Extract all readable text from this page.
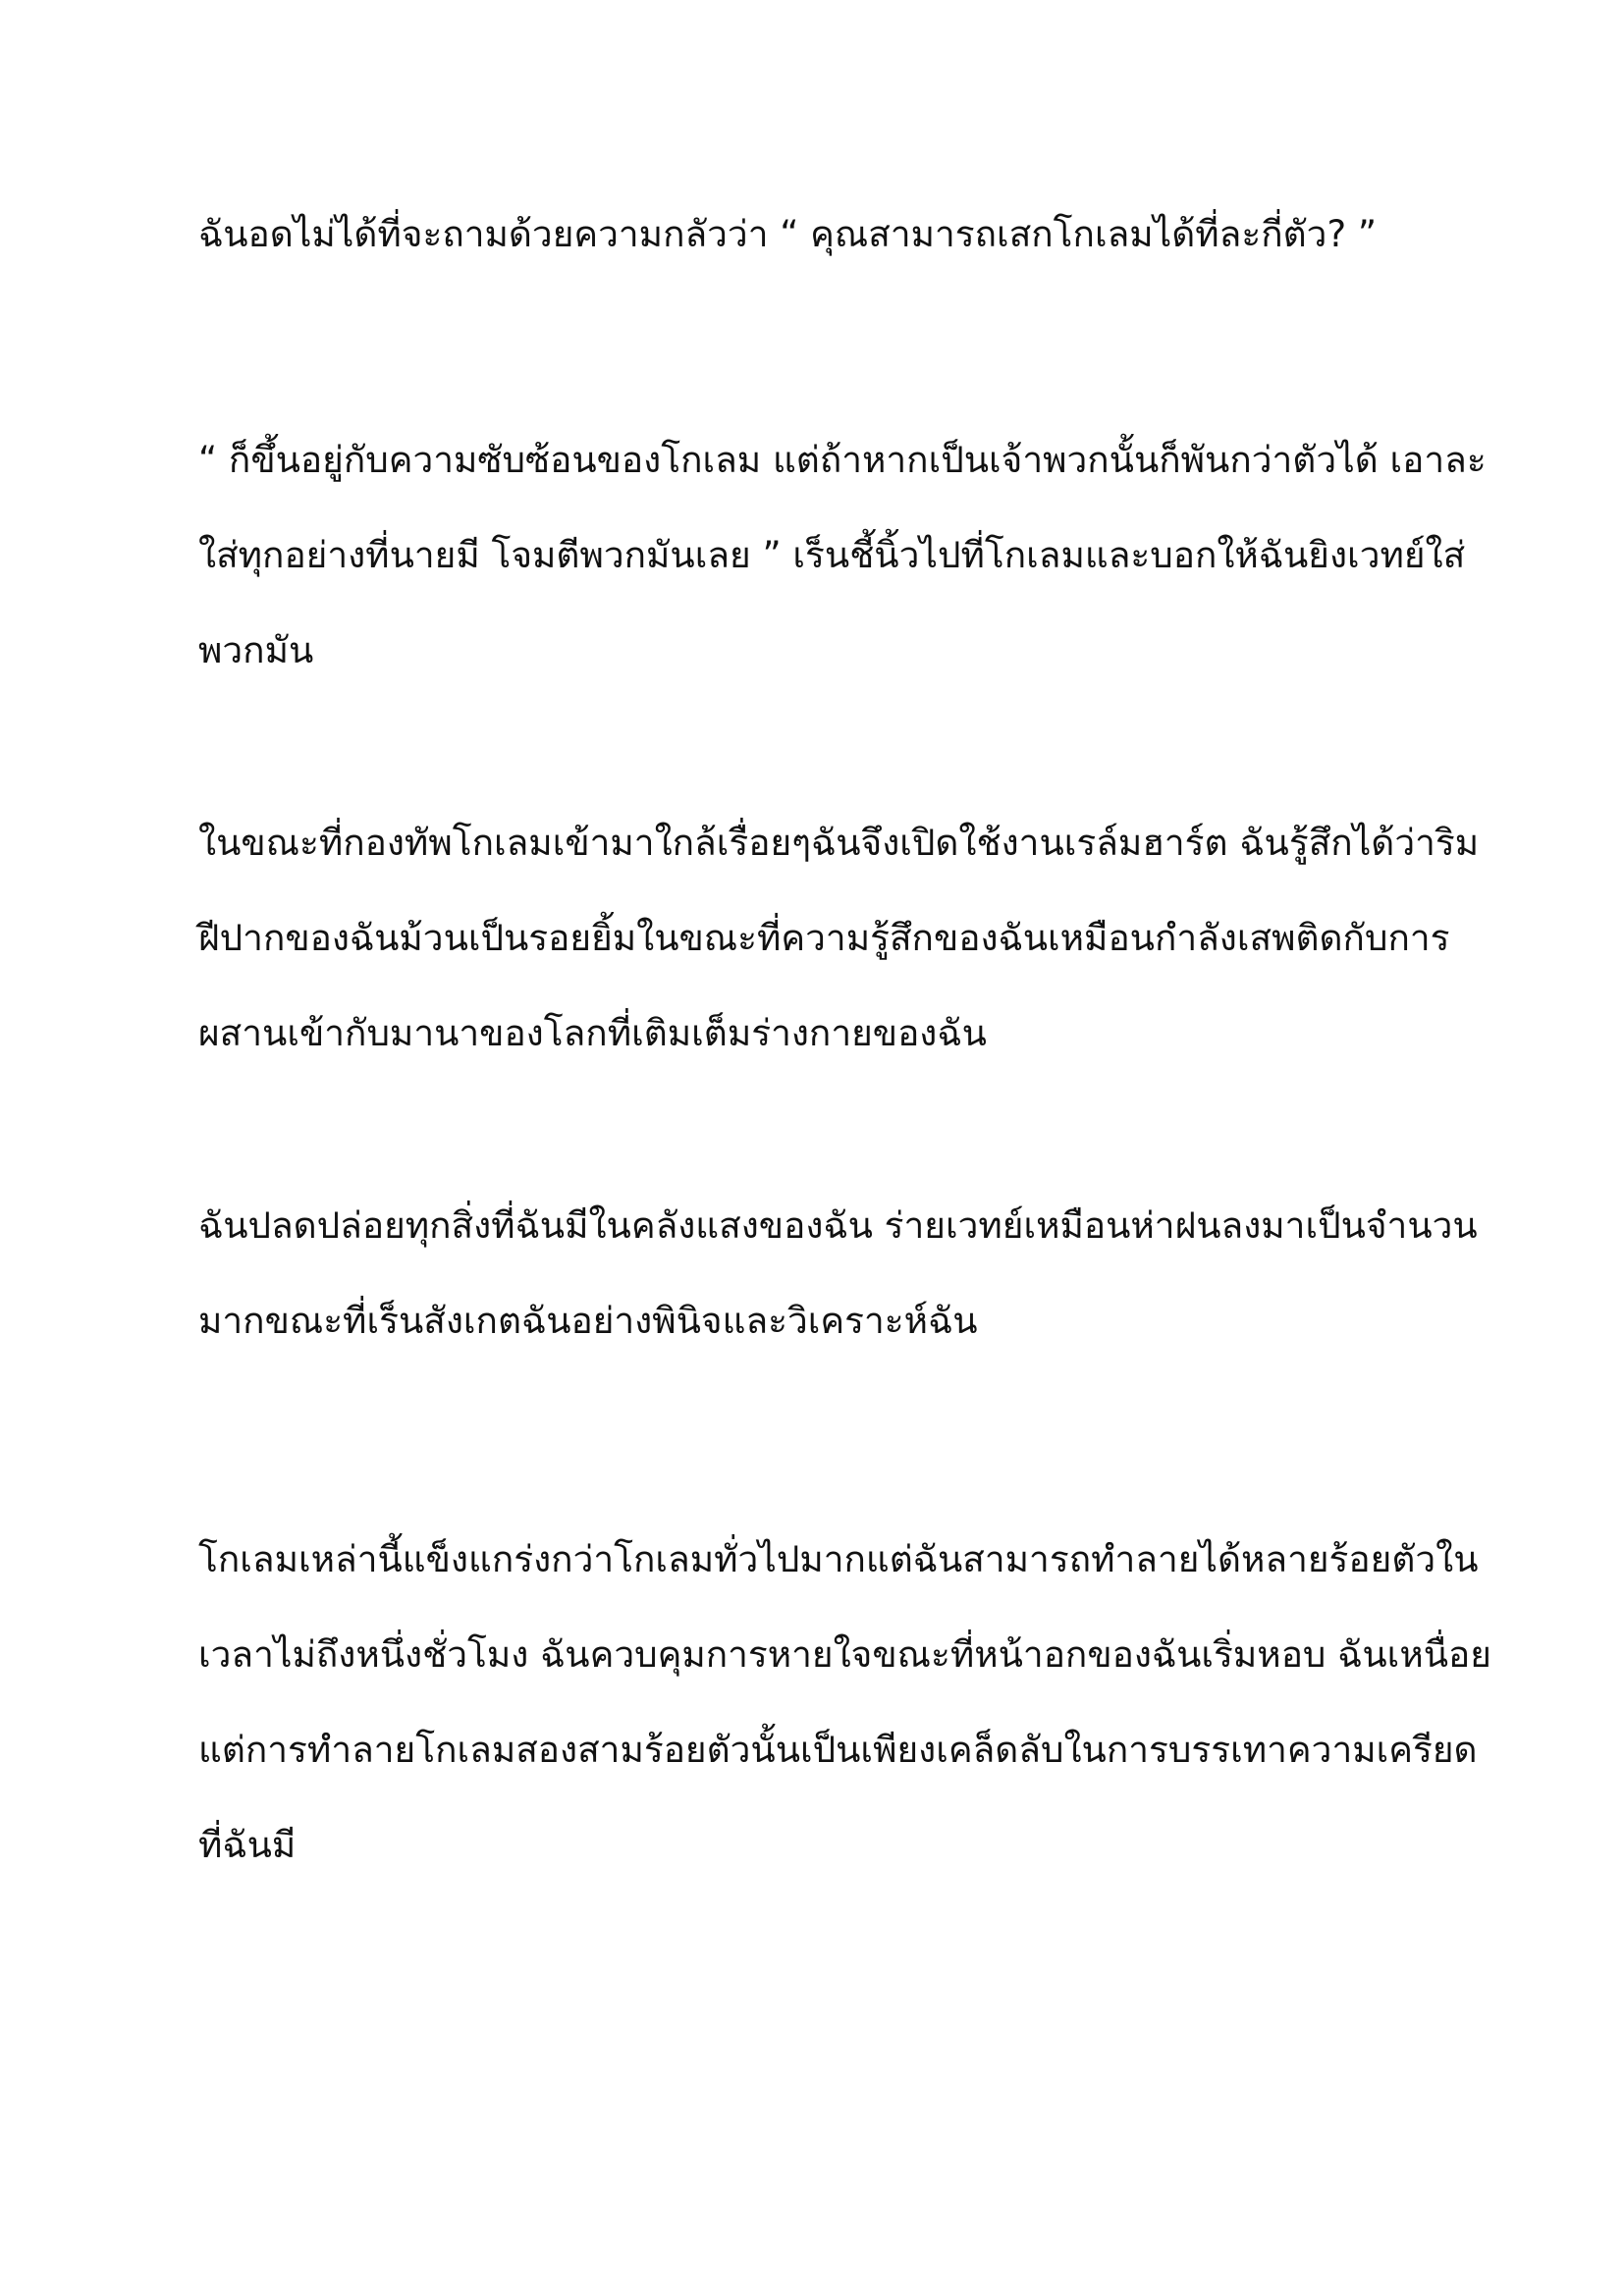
ฉันอดไม่ได้ที่จะถามด้วยความกลัวว่า “ คุณสามารถเสกโกเลมได้ที่ละกี่ตัว? ”

“ ก็ขึ้นอยู่กับความซับซ้อนของโกเลม แต่ถ้าหากเป็นเจ้าพวกนั้นก็พันกว่าตัวได้ เอาละ
ใส่ทุกอย่างที่นายมี โจมตีพวกมันเลย ” เร็นชี้นิ้วไปที่โกเลมและบอกให้ฉันยิงเวทย์ใส่
พวกมัน

ในขณะที่กองทัพโกเลมเข้ามาใกล้เรื่อยๆฉันจึงเปิดใช้งานเรล์มฮาร์ต ฉันรู้สึกได้ว่าริม
ฝีปากของฉันม้วนเป็นรอยยิ้มในขณะที่ความรู้สึกของฉันเหมือนกำลังเสพติดกับการ
ผสานเข้ากับมานาของโลกที่เติมเต็มร่างกายของฉัน

ฉันปลดปล่อยทุกสิ่งที่ฉันมีในคลังแสงของฉัน ร่ายเวทย์เหมือนห่าฝนลงมาเป็นจำนวน
มากขณะที่เร็นสังเกตฉันอย่างพินิจและวิเคราะห์ฉัน

โกเลมเหล่านี้แข็งแกร่งกว่าโกเลมทั่วไปมากแต่ฉันสามารถทำลายได้หลายร้อยตัวใน
เวลาไม่ถึงหนึ่งชั่วโมง ฉันควบคุมการหายใจขณะที่หน้าอกของฉันเริ่มหอบ ฉันเหนื่อย
แต่การทำลายโกเลมสองสามร้อยตัวนั้นเป็นเพียงเคล็ดลับในการบรรเทาความเครียด
ที่ฉันมี
